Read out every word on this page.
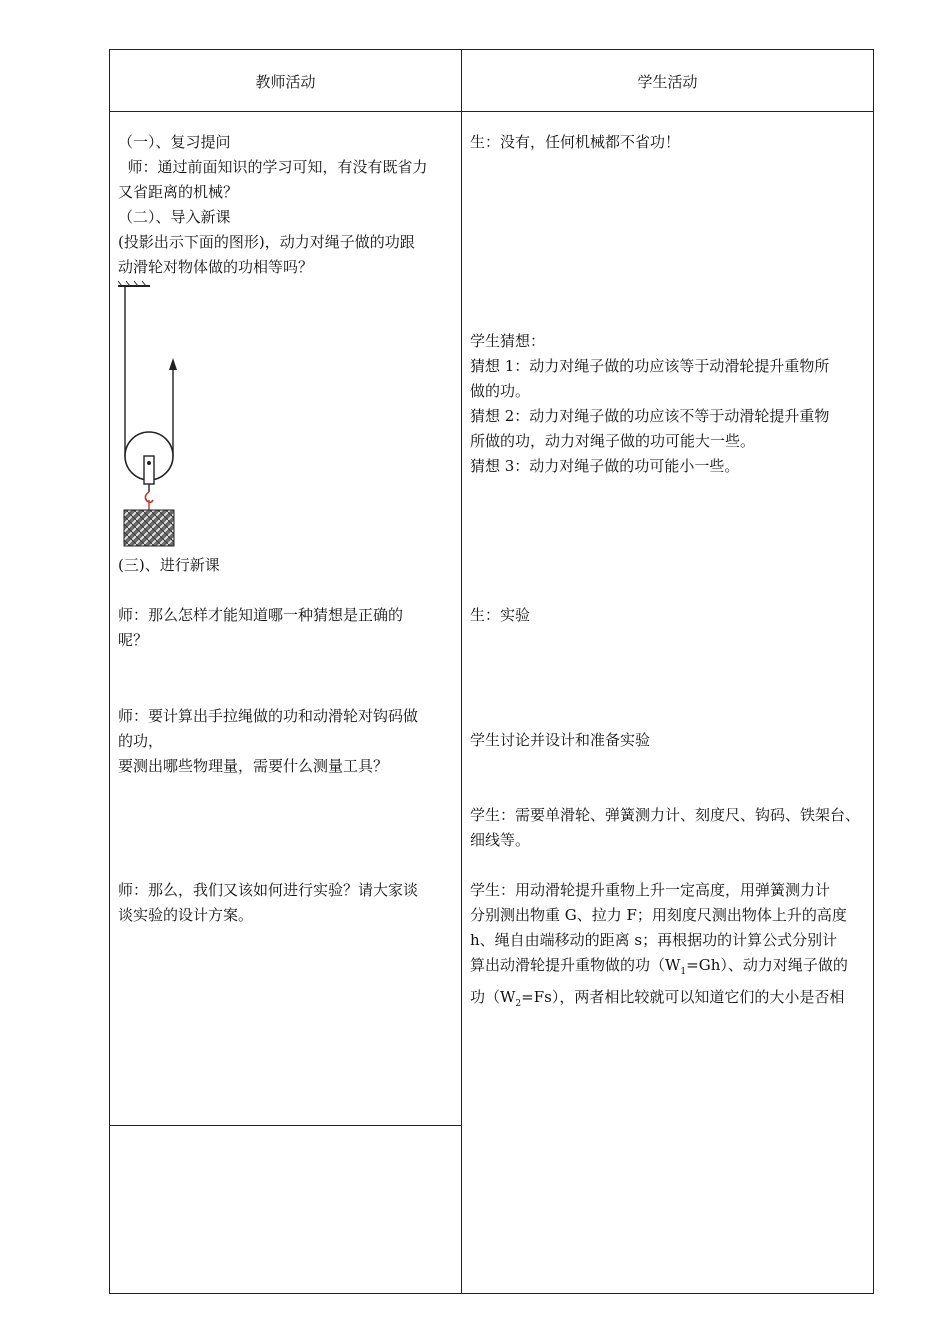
教师活动	学生活动
（一）、复习提问
师：通过前面知识的学习可知，有没有既省力
又省距离的机械？
（二）、导入新课
(投影出示下面的图形)，动力对绳子做的功跟
动滑轮对物体做的功相等吗？
(三)、进行新课
师：那么怎样才能知道哪一种猜想是正确的
呢？
师：要计算出手拉绳做的功和动滑轮对钩码做
的功，
要测出哪些物理量，需要什么测量工具？
师：那么，我们又该如何进行实验？请大家谈
谈实验的设计方案。
生：没有，任何机械都不省功！
学生猜想：
猜想 1：动力对绳子做的功应该等于动滑轮提升重物所
做的功。
猜想 2：动力对绳子做的功应该不等于动滑轮提升重物
所做的功，动力对绳子做的功可能大一些。
猜想 3：动力对绳子做的功可能小一些。
生：实验
学生讨论并设计和准备实验
学生：需要单滑轮、弹簧测力计、刻度尺、钩码、铁架台、
细线等。
学生：用动滑轮提升重物上升一定高度，用弹簧测力计
分别测出物重 G、拉力 F；用刻度尺测出物体上升的高度
h、绳自由端移动的距离 s；再根据功的计算公式分别计
算出动滑轮提升重物做的功$(W_1=Gh)$、动力对绳子做的
功$(W_2=Fs)$，两者相比较就可以知道它们的大小是否相
